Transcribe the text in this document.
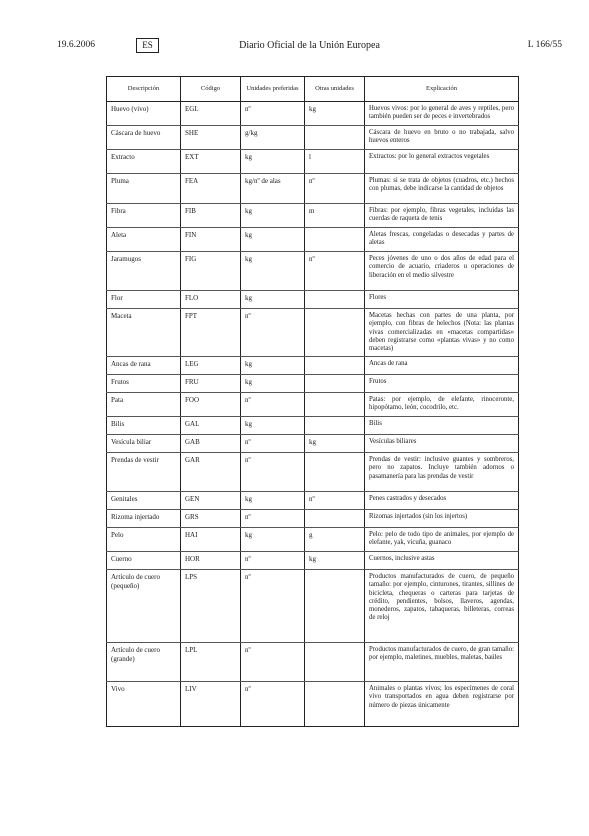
19.6.2006	ES	Diario Oficial de la Unión Europea	L 166/55
Descripción	Código	Unidades preferidas	Otras unidades	Explicación
Huevo (vivo)	EGL	nº	kg	Huevos vivos: por lo general de aves y reptiles, pero también pueden ser de peces e invertebrados
Cáscara de huevo	SHE	g/kg		Cáscara de huevo en bruto o no trabajada, salvo huevos enteros
Extracto	EXT	kg	l	Extractos: por lo general extractos vegetales
Pluma	FEA	kg/nº de alas	nº	Plumas: si se trata de objetos (cuadros, etc.) hechos con plumas, debe indicarse la cantidad de objetos
Fibra	FIB	kg	m	Fibras: por ejemplo, fibras vegetales, incluidas las cuerdas de raqueta de tenis
Aleta	FIN	kg		Aletas frescas, congeladas o desecadas y partes de aletas
Jaramugos	FIG	kg	nº	Peces jóvenes de uno o dos años de edad para el comercio de acuario, criaderos u operaciones de liberación en el medio silvestre
Flor	FLO	kg		Flores
Maceta	FPT	nº		Macetas hechas con partes de una planta, por ejemplo, con fibras de helechos (Nota: las plantas vivas comercializadas en «macetas compartidas» deben registrarse como «plantas vivas» y no como macetas)
Ancas de rana	LEG	kg		Ancas de rana
Frutos	FRU	kg		Frutos
Pata	FOO	nº		Patas: por ejemplo, de elefante, rinoceronte, hipopótamo, león, cocodrilo, etc.
Bilis	GAL	kg		Bilis
Vesícula biliar	GAB	nº	kg	Vesículas biliares
Prendas de vestir	GAR	nº		Prendas de vestir: inclusive guantes y sombreros, pero no zapatos. Incluye también adornos o pasamanería para las prendas de vestir
Genitales	GEN	kg	nº	Penes castrados y desecados
Rizoma injertado	GRS	nº		Rizomas injertados (sin los injertos)
Pelo	HAI	kg	g	Pelo: pelo de todo tipo de animales, por ejemplo de elefante, yak, vicuña, guanaco
Cuerno	HOR	nº	kg	Cuernos, inclusive astas
Artículo de cuero (pequeño)	LPS	nº		Productos manufacturados de cuero, de pequeño tamaño: por ejemplo, cinturones, tirantes, sillines de bicicleta, chequeras o carteras para tarjetas de crédito, pendientes, bolsos, llaveros, agendas, monederos, zapatos, tabaqueras, billeteras, correas de reloj
Artículo de cuero (grande)	LPL	nº		Productos manufacturados de cuero, de gran tamaño: por ejemplo, maletines, muebles, maletas, baúles
Vivo	LIV	nº		Animales o plantas vivos; los especímenes de coral vivo transportados en agua deben registrarse por número de piezas únicamente
